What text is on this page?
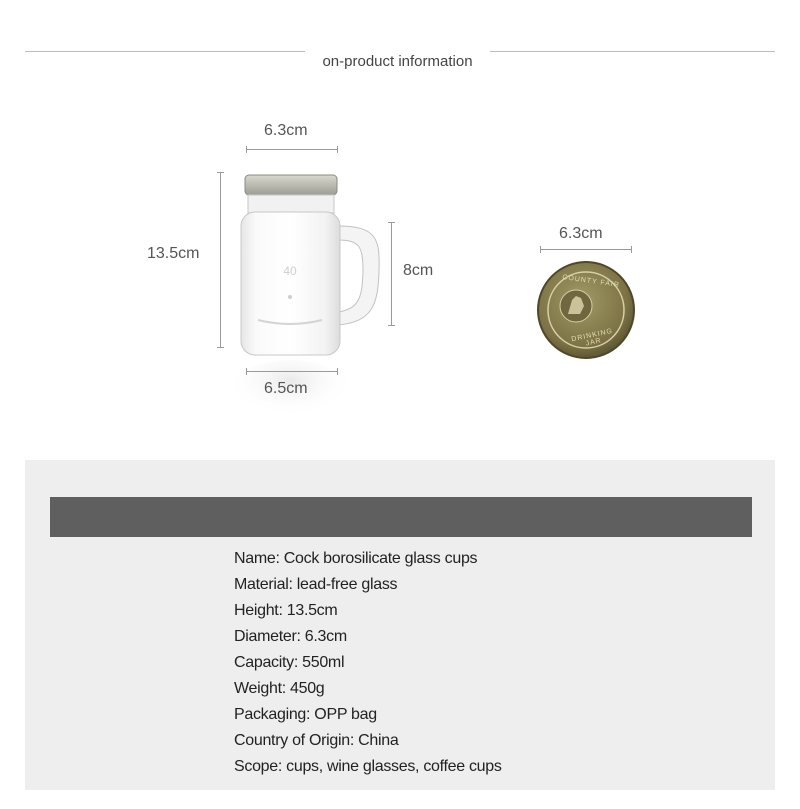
on-product information
40
COUNTY FAIR
DRINKING JAR
6.3cm
13.5cm
8cm
6.5cm
6.3cm
Name: Cock borosilicate glass cups
Material: lead-free glass
Height: 13.5cm
Diameter: 6.3cm
Capacity: 550ml
Weight: 450g
Packaging: OPP bag
Country of Origin: China
Scope: cups, wine glasses, coffee cups
